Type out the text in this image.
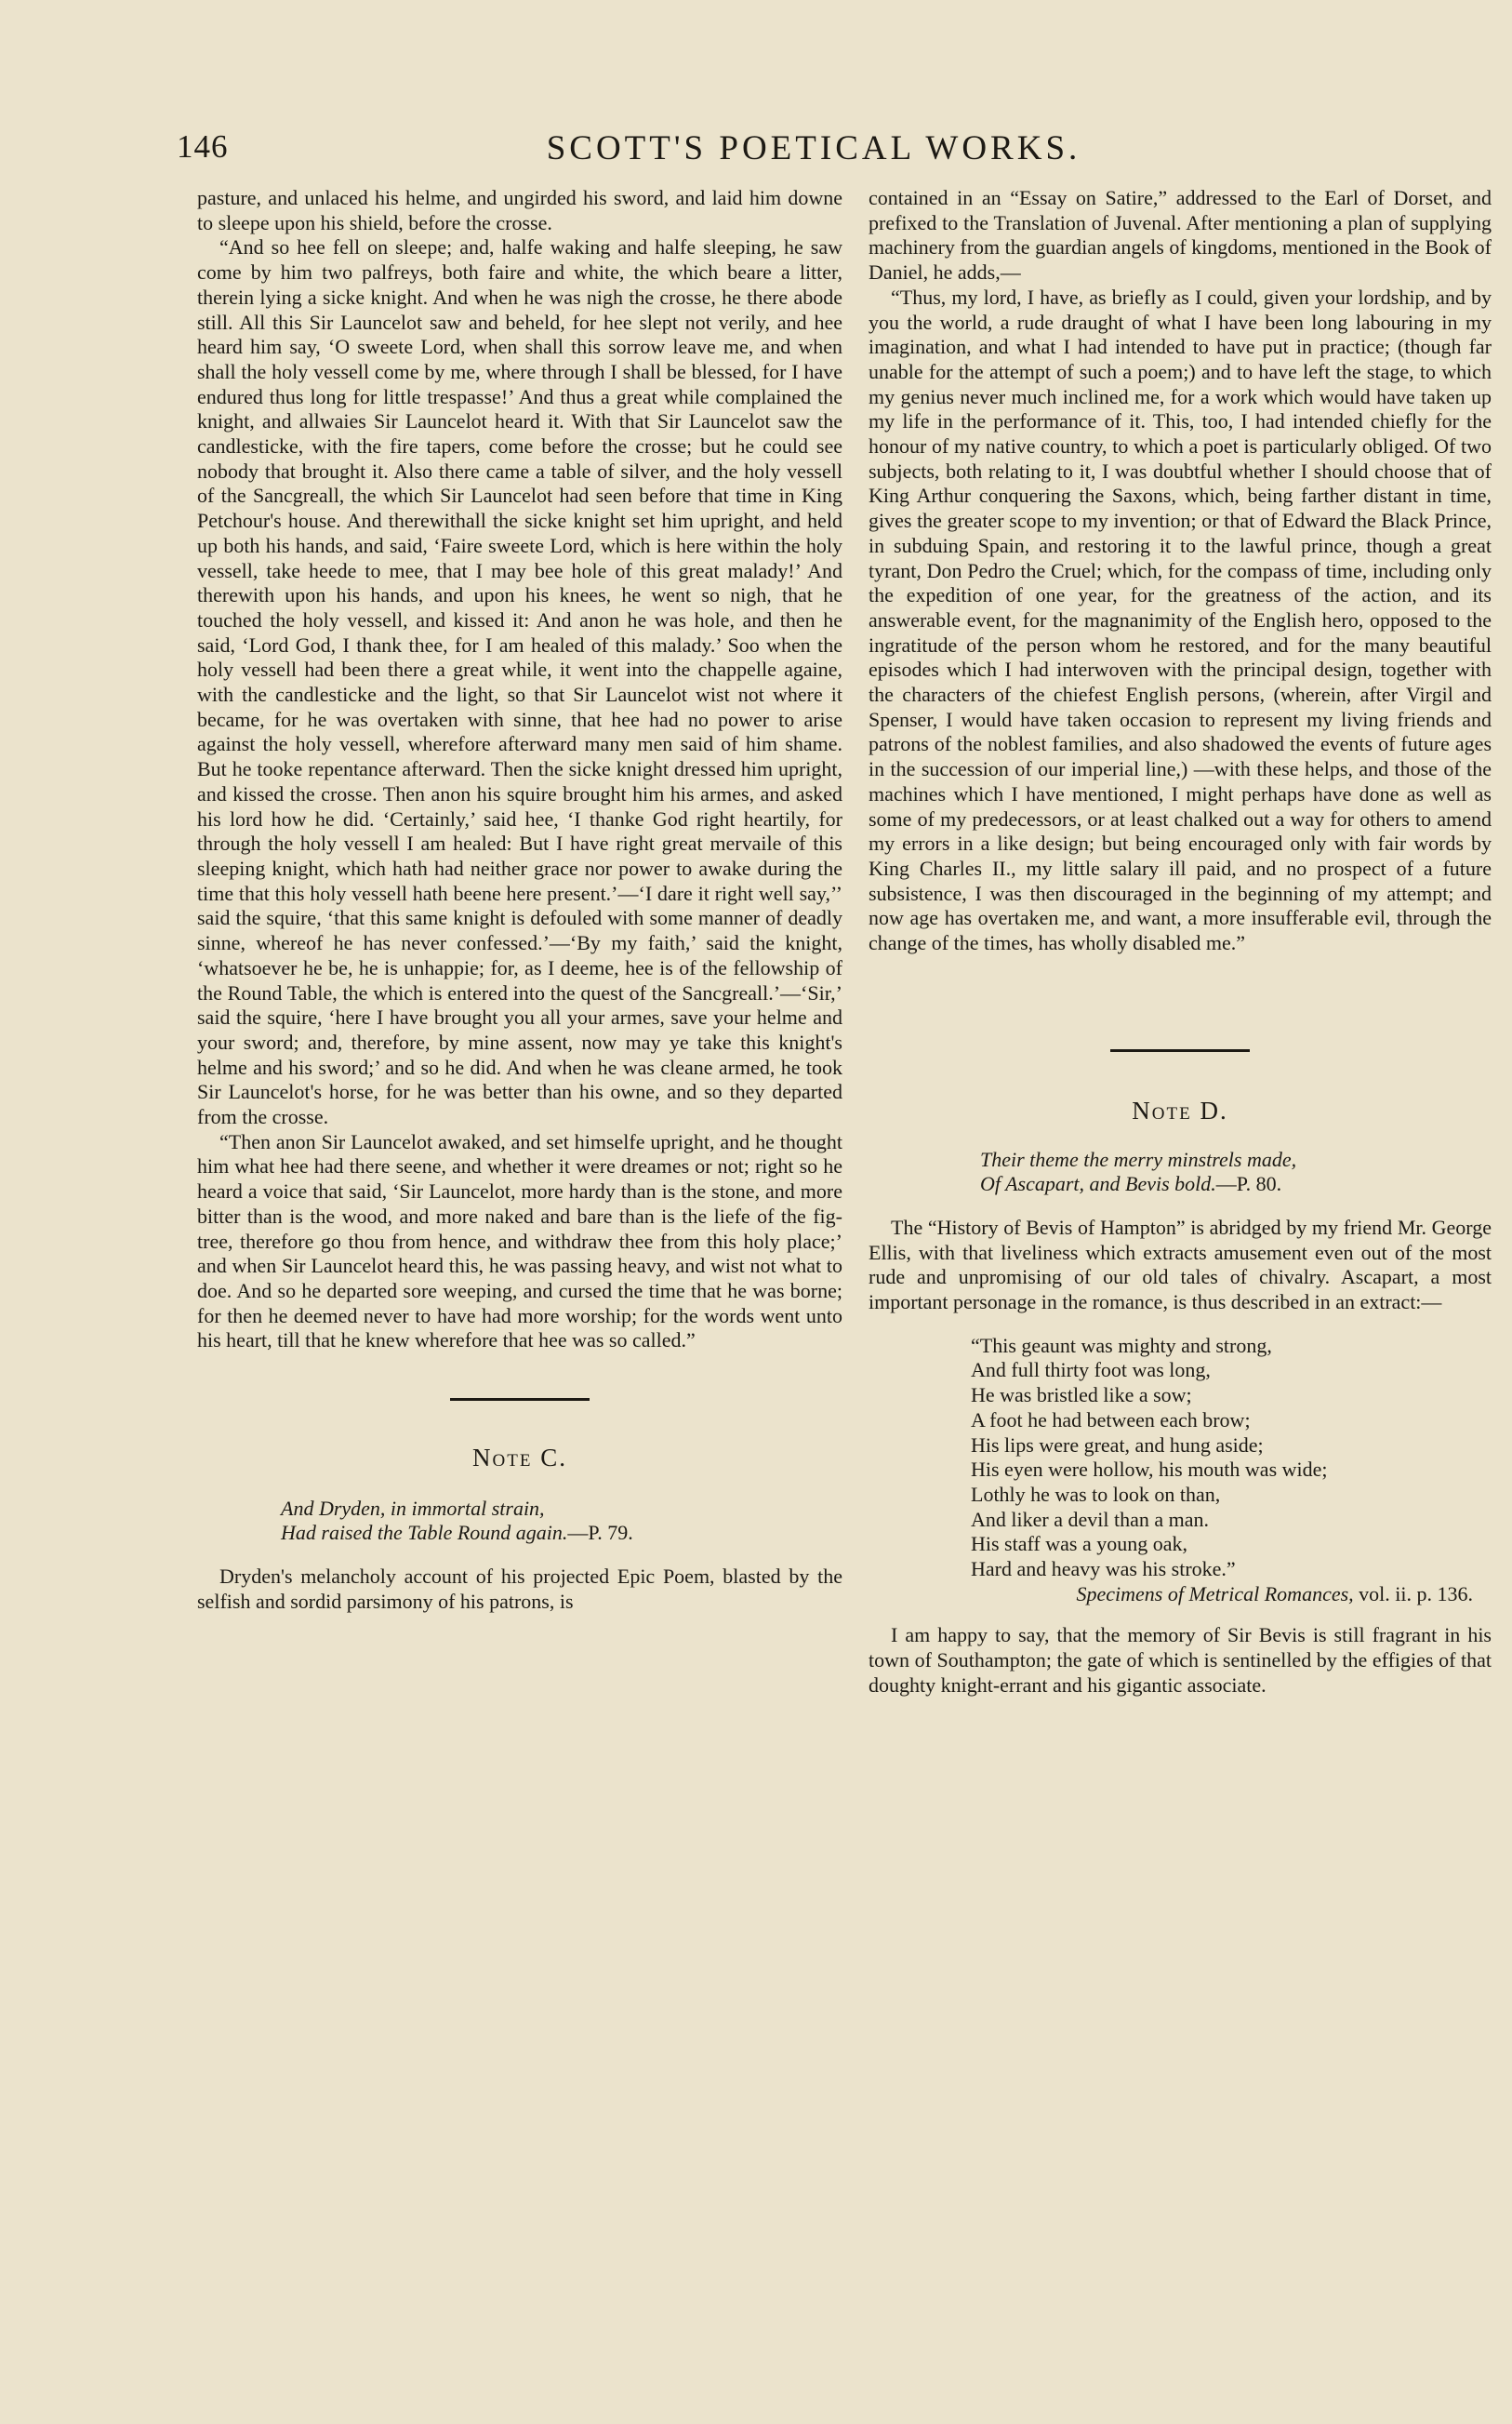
146	SCOTT'S POETICAL WORKS.

pasture, and unlaced his helme, and ungirded his sword, and laid him downe to sleepe upon his shield, before the crosse.

“And so hee fell on sleepe; and, halfe waking and halfe sleeping, he saw come by him two palfreys, both faire and white, the which beare a litter, therein lying a sicke knight. And when he was nigh the crosse, he there abode still. All this Sir Launcelot saw and beheld, for hee slept not verily, and hee heard him say, ‘O sweete Lord, when shall this sorrow leave me, and when shall the holy vessell come by me, where through I shall be blessed, for I have endured thus long for little trespasse!’ And thus a great while complained the knight, and allwaies Sir Launcelot heard it. With that Sir Launcelot saw the candlesticke, with the fire tapers, come before the crosse; but he could see nobody that brought it. Also there came a table of silver, and the holy vessell of the Sancgreall, the which Sir Launcelot had seen before that time in King Petchour's house. And therewithall the sicke knight set him upright, and held up both his hands, and said, ‘Faire sweete Lord, which is here within the holy vessell, take heede to mee, that I may bee hole of this great malady!’ And therewith upon his hands, and upon his knees, he went so nigh, that he touched the holy vessell, and kissed it: And anon he was hole, and then he said, ‘Lord God, I thank thee, for I am healed of this malady.’ Soo when the holy vessell had been there a great while, it went into the chappelle againe, with the candlesticke and the light, so that Sir Launcelot wist not where it became, for he was overtaken with sinne, that hee had no power to arise against the holy vessell, wherefore afterward many men said of him shame. But he tooke repentance afterward. Then the sicke knight dressed him upright, and kissed the crosse. Then anon his squire brought him his armes, and asked his lord how he did. ‘Certainly,’ said hee, ‘I thanke God right heartily, for through the holy vessell I am healed: But I have right great mervaile of this sleeping knight, which hath had neither grace nor power to awake during the time that this holy vessell hath beene here present.’—‘I dare it right well say,’’ said the squire, ‘that this same knight is defouled with some manner of deadly sinne, whereof he has never confessed.’—‘By my faith,’ said the knight, ‘whatsoever he be, he is unhappie; for, as I deeme, hee is of the fellowship of the Round Table, the which is entered into the quest of the Sancgreall.’—‘Sir,’ said the squire, ‘here I have brought you all your armes, save your helme and your sword; and, therefore, by mine assent, now may ye take this knight's helme and his sword;’ and so he did. And when he was cleane armed, he took Sir Launcelot's horse, for he was better than his owne, and so they departed from the crosse.

“Then anon Sir Launcelot awaked, and set himselfe upright, and he thought him what hee had there seene, and whether it were dreames or not; right so he heard a voice that said, ‘Sir Launcelot, more hardy than is the stone, and more bitter than is the wood, and more naked and bare than is the liefe of the fig-tree, therefore go thou from hence, and withdraw thee from this holy place;’ and when Sir Launcelot heard this, he was passing heavy, and wist not what to doe. And so he departed sore weeping, and cursed the time that he was borne; for then he deemed never to have had more worship; for the words went unto his heart, till that he knew wherefore that hee was so called.”

Note C.

And Dryden, in immortal strain,
Had raised the Table Round again.—P. 79.

Dryden's melancholy account of his projected Epic Poem, blasted by the selfish and sordid parsimony of his patrons, is

contained in an “Essay on Satire,” addressed to the Earl of Dorset, and prefixed to the Translation of Juvenal. After mentioning a plan of supplying machinery from the guardian angels of kingdoms, mentioned in the Book of Daniel, he adds,—

“Thus, my lord, I have, as briefly as I could, given your lordship, and by you the world, a rude draught of what I have been long labouring in my imagination, and what I had intended to have put in practice; (though far unable for the attempt of such a poem;) and to have left the stage, to which my genius never much inclined me, for a work which would have taken up my life in the performance of it. This, too, I had intended chiefly for the honour of my native country, to which a poet is particularly obliged. Of two subjects, both relating to it, I was doubtful whether I should choose that of King Arthur conquering the Saxons, which, being farther distant in time, gives the greater scope to my invention; or that of Edward the Black Prince, in subduing Spain, and restoring it to the lawful prince, though a great tyrant, Don Pedro the Cruel; which, for the compass of time, including only the expedition of one year, for the greatness of the action, and its answerable event, for the magnanimity of the English hero, opposed to the ingratitude of the person whom he restored, and for the many beautiful episodes which I had interwoven with the principal design, together with the characters of the chiefest English persons, (wherein, after Virgil and Spenser, I would have taken occasion to represent my living friends and patrons of the noblest families, and also shadowed the events of future ages in the succession of our imperial line,) —with these helps, and those of the machines which I have mentioned, I might perhaps have done as well as some of my predecessors, or at least chalked out a way for others to amend my errors in a like design; but being encouraged only with fair words by King Charles II., my little salary ill paid, and no prospect of a future subsistence, I was then discouraged in the beginning of my attempt; and now age has overtaken me, and want, a more insufferable evil, through the change of the times, has wholly disabled me.”

Note D.

Their theme the merry minstrels made,
Of Ascapart, and Bevis bold.—P. 80.

The “History of Bevis of Hampton” is abridged by my friend Mr. George Ellis, with that liveliness which extracts amusement even out of the most rude and unpromising of our old tales of chivalry. Ascapart, a most important personage in the romance, is thus described in an extract:—

“This geaunt was mighty and strong,
And full thirty foot was long,
He was bristled like a sow;
A foot he had between each brow;
His lips were great, and hung aside;
His eyen were hollow, his mouth was wide;
Lothly he was to look on than,
And liker a devil than a man.
His staff was a young oak,
Hard and heavy was his stroke.”

Specimens of Metrical Romances, vol. ii. p. 136.

I am happy to say, that the memory of Sir Bevis is still fragrant in his town of Southampton; the gate of which is sentinelled by the effigies of that doughty knight-errant and his gigantic associate.
